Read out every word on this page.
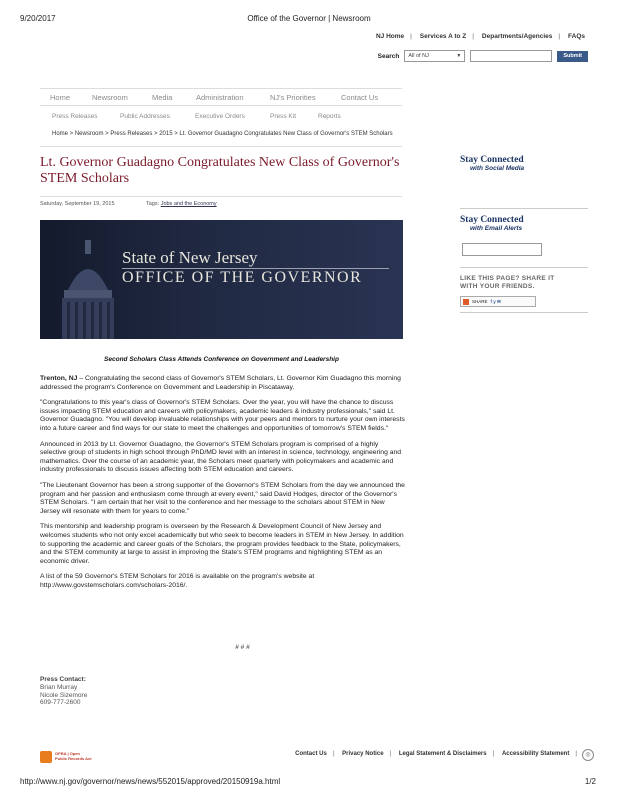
9/20/2017	Office of the Governor | Newsroom
NJ Home | Services A to Z | Departments/Agencies | FAQs
Search	All of NJ	▼	Submit
Home	Newsroom	Media	Administration	NJ's Priorities	Contact Us
Press Releases	Public Addresses	Executive Orders	Press Kit	Reports
Home > Newsroom > Press Releases > 2015 > Lt. Governor Guadagno Congratulates New Class of Governor's STEM Scholars
Lt. Governor Guadagno Congratulates New Class of Governor's STEM Scholars
Saturday, September 19, 2015	Tags: Jobs and the Economy
State of New Jersey
OFFICE OF THE GOVERNOR
Second Scholars Class Attends Conference on Government and Leadership

Trenton, NJ – Congratulating the second class of Governor's STEM Scholars, Lt. Governor Kim Guadagno this morning addressed the program's Conference on Government and Leadership in Piscataway.

"Congratulations to this year's class of Governor's STEM Scholars. Over the year, you will have the chance to discuss issues impacting STEM education and careers with policymakers, academic leaders & industry professionals," said Lt. Governor Guadagno. "You will develop invaluable relationships with your peers and mentors to nurture your own interests into a future career and find ways for our state to meet the challenges and opportunities of tomorrow's STEM fields."

Announced in 2013 by Lt. Governor Guadagno, the Governor's STEM Scholars program is comprised of a highly selective group of students in high school through PhD/MD level with an interest in science, technology, engineering and mathematics. Over the course of an academic year, the Scholars meet quarterly with policymakers and academic and industry professionals to discuss issues affecting both STEM education and careers.

"The Lieutenant Governor has been a strong supporter of the Governor's STEM Scholars from the day we announced the program and her passion and enthusiasm come through at every event," said David Hodges, director of the Governor's STEM Scholars. "I am certain that her visit to the conference and her message to the scholars about STEM in New Jersey will resonate with them for years to come."

This mentorship and leadership program is overseen by the Research & Development Council of New Jersey and welcomes students who not only excel academically but who seek to become leaders in STEM in New Jersey. In addition to supporting the academic and career goals of the Scholars, the program provides feedback to the State, policymakers, and the STEM community at large to assist in improving the State's STEM programs and highlighting STEM as an economic driver.

A list of the 59 Governor's STEM Scholars for 2016 is available on the program's website at
http://www.govstemscholars.com/scholars-2016/.

# # #
Press Contact:
Brian Murray
Nicole Sizemore
609-777-2600
Stay Connected
with Social Media
Stay Connected
with Email Alerts
LIKE THIS PAGE? SHARE IT
WITH YOUR FRIENDS.
SHARE f y ✉
OPRA | Open
Public Records Act
Contact Us | Privacy Notice | Legal Statement & Disclaimers | Accessibility Statement |	◎
http://www.nj.gov/governor/news/news/552015/approved/20150919a.html	1/2
